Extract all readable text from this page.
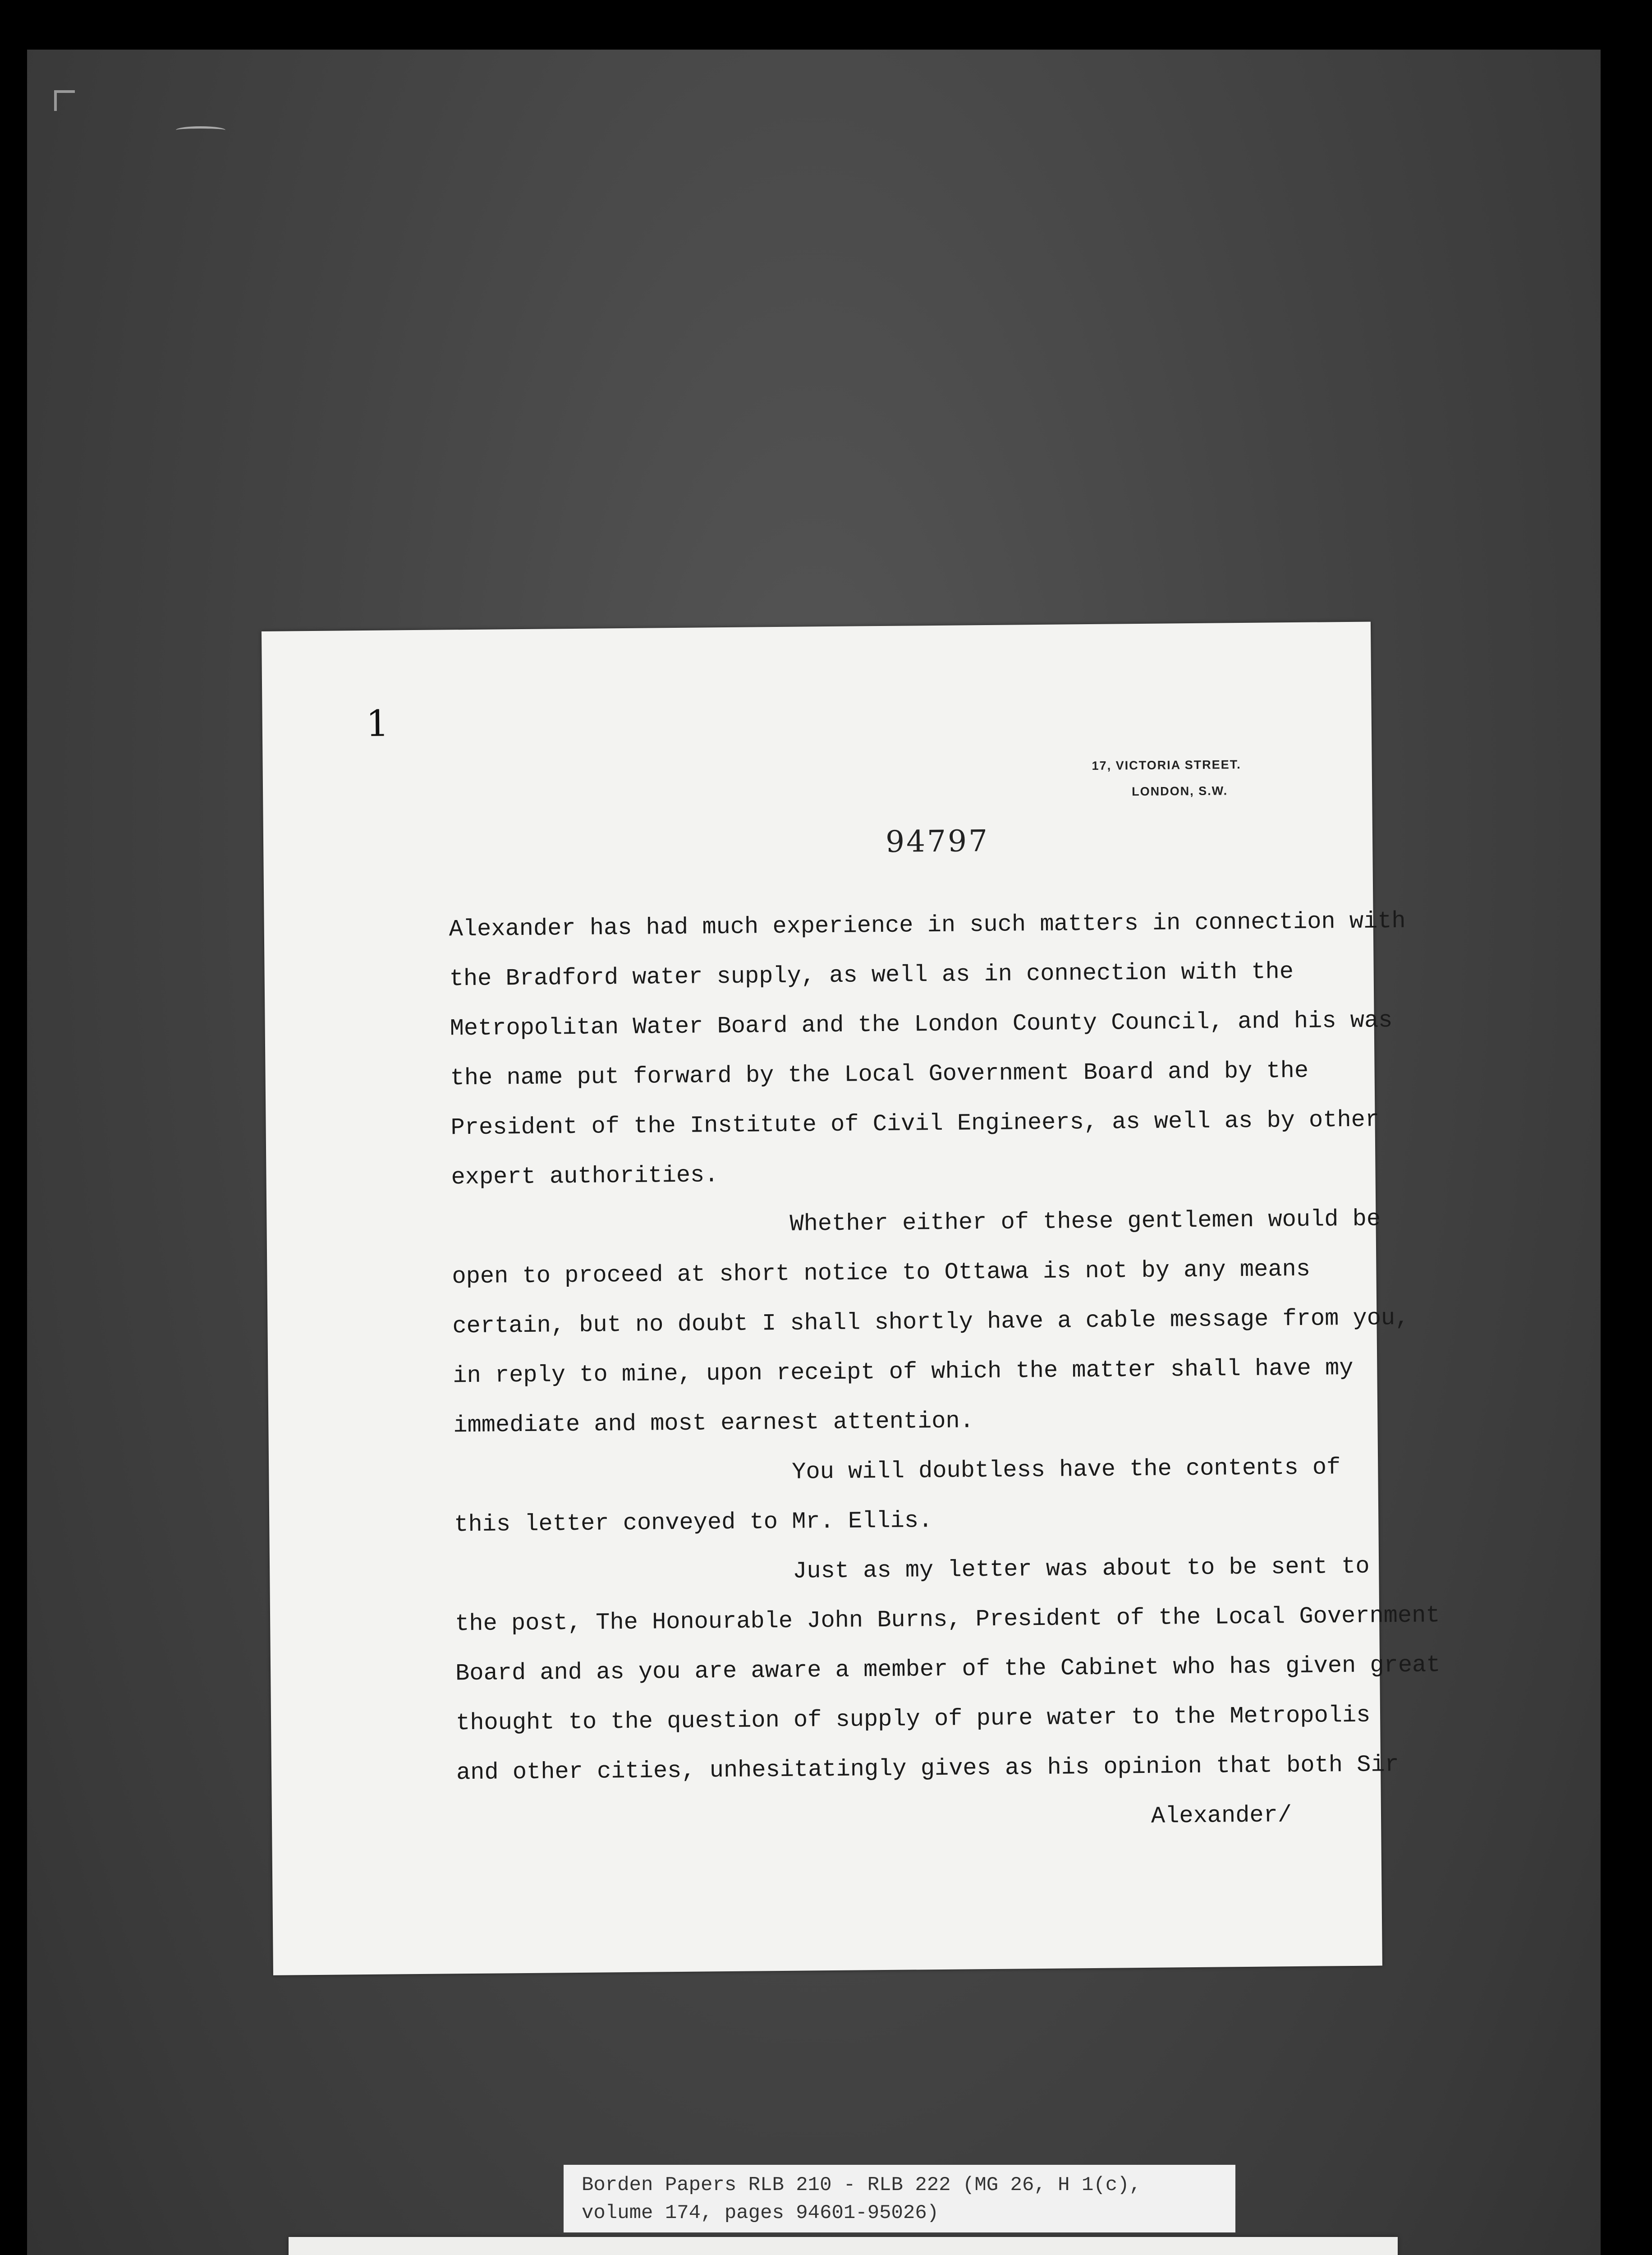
1
17, VICTORIA STREET.
LONDON, S.W.
94797

Alexander has had much experience in such matters in connection with

the Bradford water supply, as well as in connection with the

Metropolitan Water Board and the London County Council, and his was

the name put forward by the Local Government Board and by the

President of the Institute of Civil Engineers, as well as by other

expert authorities.

Whether either of these gentlemen would be

open to proceed at short notice to Ottawa is not by any means

certain, but no doubt I shall shortly have a cable message from you,

in reply to mine, upon receipt of which the matter shall have my

immediate and most earnest attention.

You will doubtless have the contents of

this letter conveyed to Mr. Ellis.

Just as my letter was about to be sent to

the post, The Honourable John Burns, President of the Local Government

Board and as you are aware a member of the Cabinet who has given great

thought to the question of supply of pure water to the Metropolis

and other cities, unhesitatingly gives as his opinion that both Sir

Alexander/

Borden Papers RLB 210 - RLB 222 (MG 26, H 1(c),
volume 174, pages 94601-95026)
